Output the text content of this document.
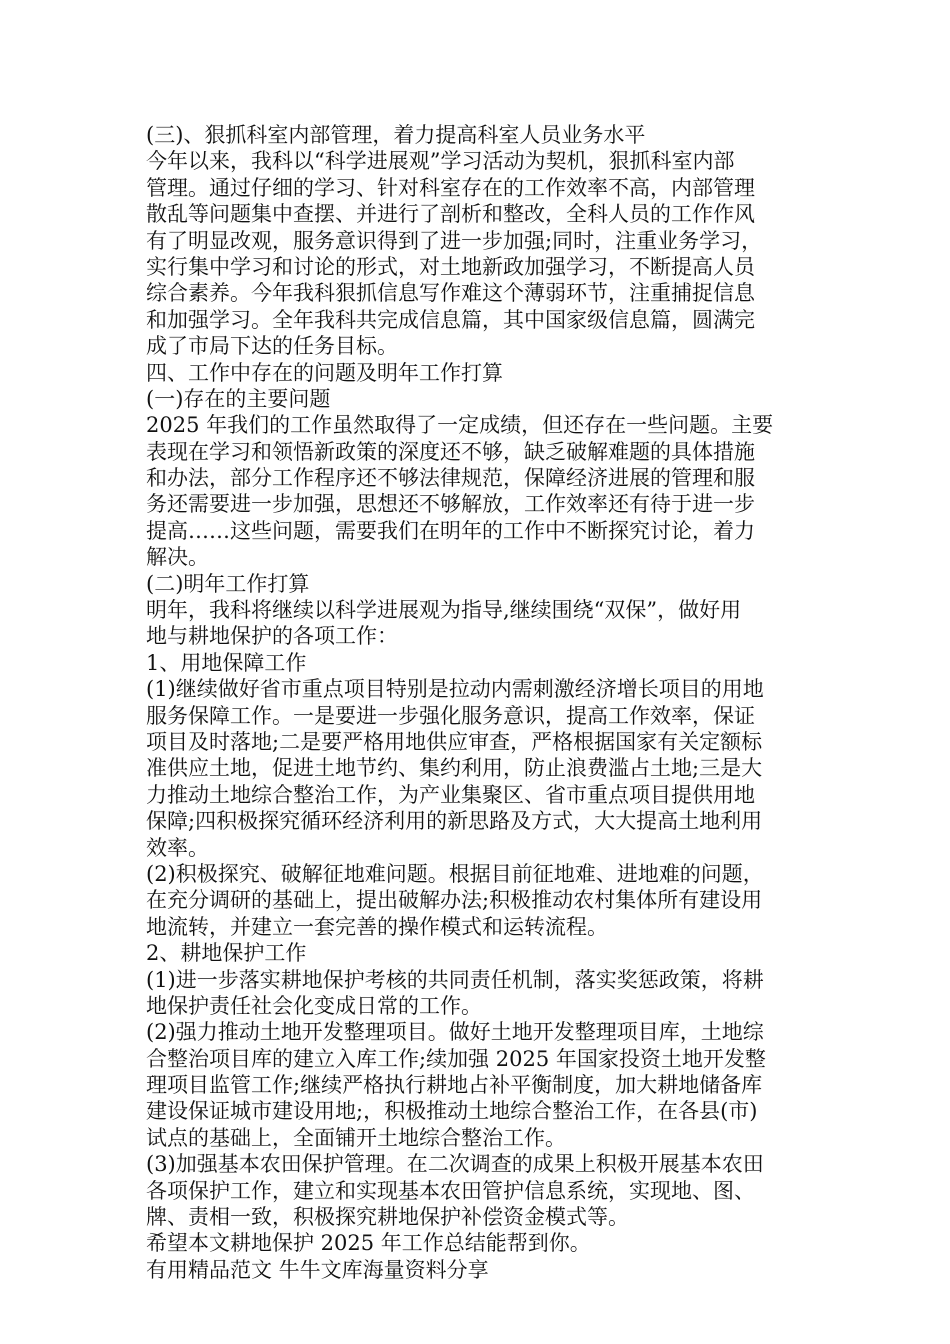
(三)、狠抓科室内部管理，着力提高科室人员业务水平
今年以来，我科以“科学进展观”学习活动为契机，狠抓科室内部
管理。通过仔细的学习、针对科室存在的工作效率不高，内部管理
散乱等问题集中查摆、并进行了剖析和整改，全科人员的工作作风
有了明显改观，服务意识得到了进一步加强;同时，注重业务学习，
实行集中学习和讨论的形式，对土地新政加强学习，不断提高人员
综合素养。今年我科狠抓信息写作难这个薄弱环节，注重捕捉信息
和加强学习。全年我科共完成信息篇，其中国家级信息篇，圆满完
成了市局下达的任务目标。
四、工作中存在的问题及明年工作打算
(一)存在的主要问题
2025 年我们的工作虽然取得了一定成绩，但还存在一些问题。主要
表现在学习和领悟新政策的深度还不够，缺乏破解难题的具体措施
和办法，部分工作程序还不够法律规范，保障经济进展的管理和服
务还需要进一步加强，思想还不够解放，工作效率还有待于进一步
提高……这些问题，需要我们在明年的工作中不断探究讨论，着力
解决。
(二)明年工作打算
明年，我科将继续以科学进展观为指导,继续围绕“双保”，做好用
地与耕地保护的各项工作：
1、用地保障工作
(1)继续做好省市重点项目特别是拉动内需刺激经济增长项目的用地
服务保障工作。一是要进一步强化服务意识，提高工作效率，保证
项目及时落地;二是要严格用地供应审查，严格根据国家有关定额标
准供应土地，促进土地节约、集约利用，防止浪费滥占土地;三是大
力推动土地综合整治工作，为产业集聚区、省市重点项目提供用地
保障;四积极探究循环经济利用的新思路及方式，大大提高土地利用
效率。
(2)积极探究、破解征地难问题。根据目前征地难、进地难的问题，
在充分调研的基础上，提出破解办法;积极推动农村集体所有建设用
地流转，并建立一套完善的操作模式和运转流程。
2、耕地保护工作
(1)进一步落实耕地保护考核的共同责任机制，落实奖惩政策，将耕
地保护责任社会化变成日常的工作。
(2)强力推动土地开发整理项目。做好土地开发整理项目库，土地综
合整治项目库的建立入库工作;续加强 2025 年国家投资土地开发整
理项目监管工作;继续严格执行耕地占补平衡制度，加大耕地储备库
建设保证城市建设用地;，积极推动土地综合整治工作，在各县(市)
试点的基础上，全面铺开土地综合整治工作。
(3)加强基本农田保护管理。在二次调查的成果上积极开展基本农田
各项保护工作，建立和实现基本农田管护信息系统，实现地、图、
牌、责相一致，积极探究耕地保护补偿资金模式等。
希望本文耕地保护 2025 年工作总结能帮到你。
有用精品范文 牛牛文库海量资料分享
